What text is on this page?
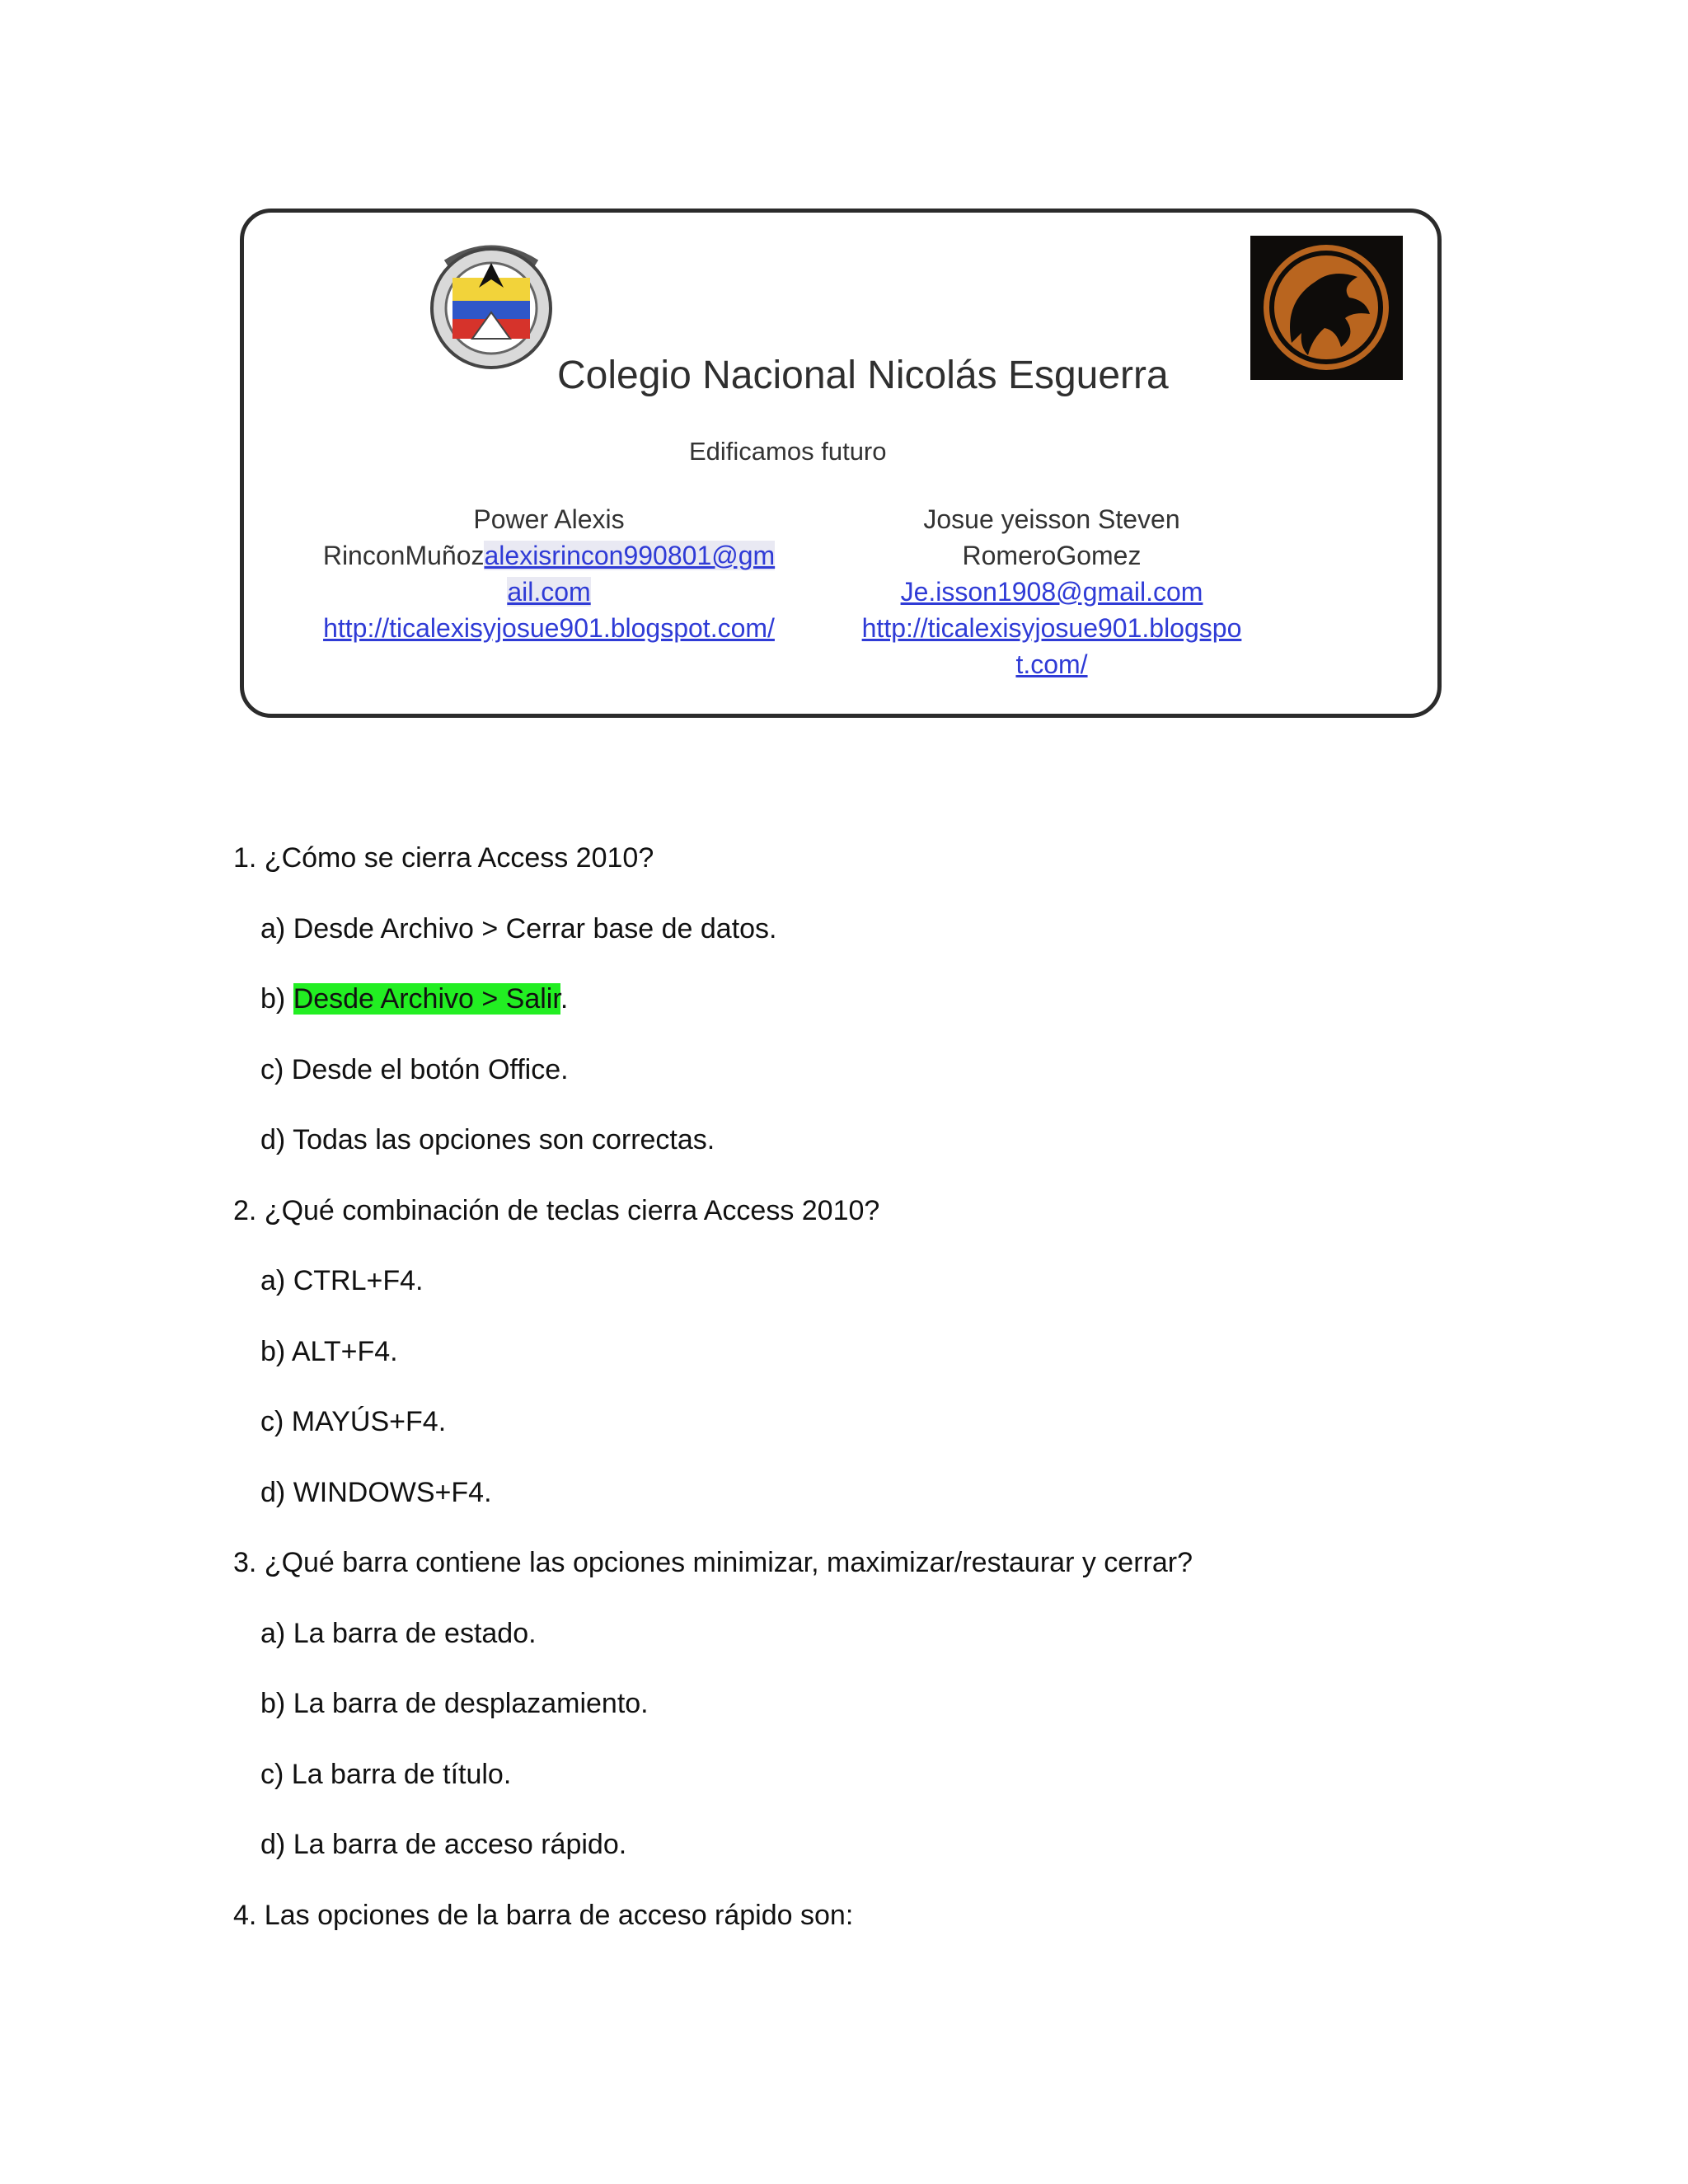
Colegio Nacional Nicolás Esguerra
Edificamos futuro
Power Alexis
RinconMuñozalexisrincon990801@gm
ail.com
http://ticalexisyjosue901.blogspot.com/
Josue yeisson Steven
RomeroGomez
Je.isson1908@gmail.com
http://ticalexisyjosue901.blogspo
t.com/
1. ¿Cómo se cierra Access 2010?
a) Desde Archivo > Cerrar base de datos.
b) Desde Archivo > Salir.
c) Desde el botón Office.
d) Todas las opciones son correctas.
2. ¿Qué combinación de teclas cierra Access 2010?
a) CTRL+F4.
b) ALT+F4.
c) MAYÚS+F4.
d) WINDOWS+F4.
3. ¿Qué barra contiene las opciones minimizar, maximizar/restaurar y cerrar?
a) La barra de estado.
b) La barra de desplazamiento.
c) La barra de título.
d) La barra de acceso rápido.
4. Las opciones de la barra de acceso rápido son:
